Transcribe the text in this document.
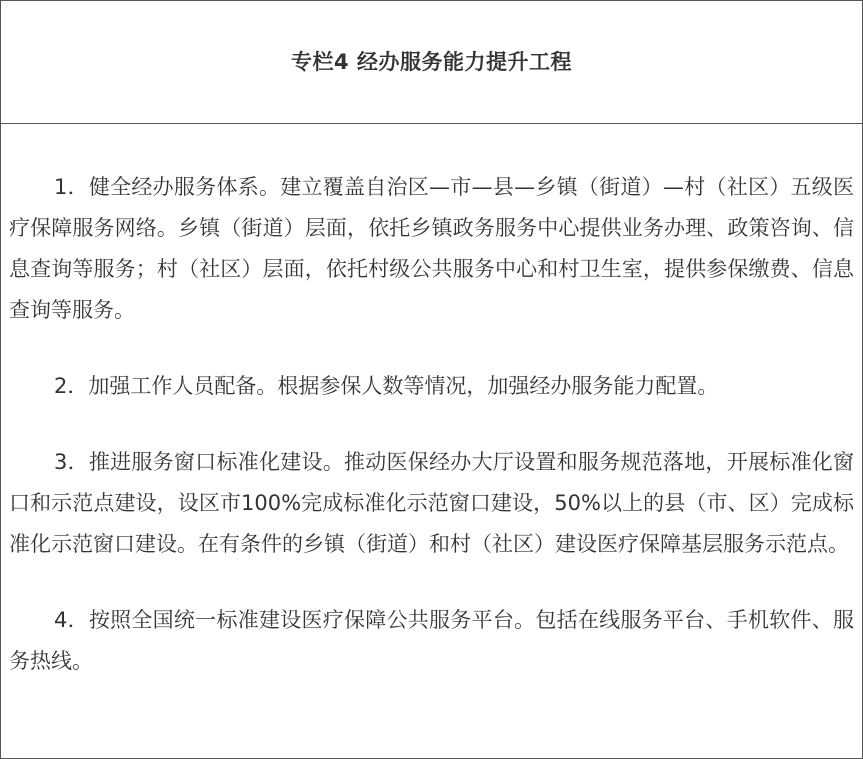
专栏4 经办服务能力提升工程

1．健全经办服务体系。建立覆盖自治区—市—县—乡镇（街道）—村（社区）五级医疗保障服务网络。乡镇（街道）层面，依托乡镇政务服务中心提供业务办理、政策咨询、信息查询等服务；村（社区）层面，依托村级公共服务中心和村卫生室，提供参保缴费、信息查询等服务。

2．加强工作人员配备。根据参保人数等情况，加强经办服务能力配置。

3．推进服务窗口标准化建设。推动医保经办大厅设置和服务规范落地，开展标准化窗口和示范点建设，设区市100%完成标准化示范窗口建设，50%以上的县（市、区）完成标准化示范窗口建设。在有条件的乡镇（街道）和村（社区）建设医疗保障基层服务示范点。

4．按照全国统一标准建设医疗保障公共服务平台。包括在线服务平台、手机软件、服务热线。
